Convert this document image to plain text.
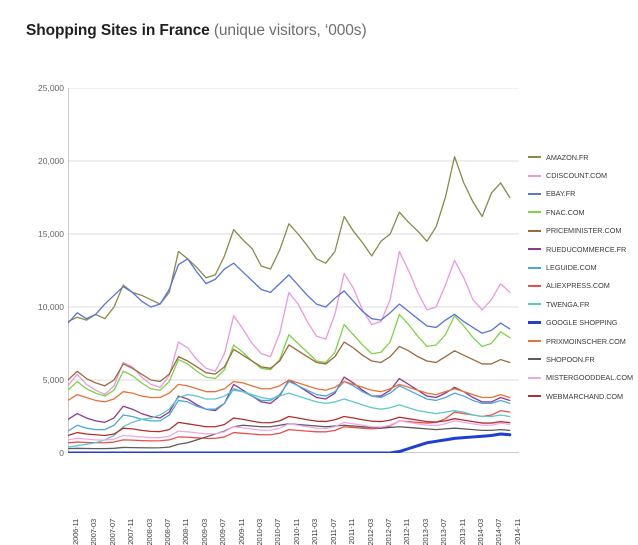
Shopping Sites in France (unique visitors, ‘000s)
0
5,000
10,000
15,000
20,000
25,000
2006-11 2007-03 2007-07 2007-11 2008-03 2008-07 2008-11 2009-03 2009-07 2009-11 2010-03 2010-07 2010-11 2011-03 2011-07 2011-11 2012-03 2012-07 2012-11 2013-03 2013-07 2013-11 2014-03 2014-07 2014-11
AMAZON.FR
CDISCOUNT.COM
EBAY.FR
FNAC.COM
PRICEMINISTER.COM
RUEDUCOMMERCE.FR
LEGUIDE.COM
ALIEXPRESS.COM
TWENGA.FR
GOOGLE SHOPPING
PRIXMOINSCHER.COM
SHOPOON.FR
MISTERGOODDEAL.COM
WEBMARCHAND.COM
